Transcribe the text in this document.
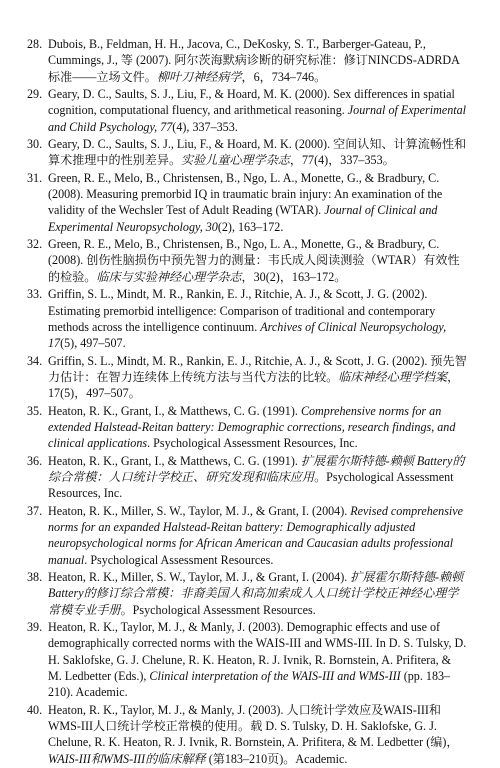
28. Dubois, B., Feldman, H. H., Jacova, C., DeKosky, S. T., Barberger-Gateau, P., Cummings, J., 等 (2007). 阿尔茨海默病诊断的研究标准：修订NINCDS-ADRDA标准——立场文件。柳叶刀神经病学，6，734–746。
29. Geary, D. C., Saults, S. J., Liu, F., & Hoard, M. K. (2000). Sex differences in spatial cognition, computational fluency, and arithmetical reasoning. Journal of Experimental and Child Psychology, 77(4), 337–353.
30. Geary, D. C., Saults, S. J., Liu, F., & Hoard, M. K. (2000). 空间认知、计算流畅性和算术推理中的性别差异。实验儿童心理学杂志，77(4)，337–353。
31. Green, R. E., Melo, B., Christensen, B., Ngo, L. A., Monette, G., & Bradbury, C. (2008). Measuring premorbid IQ in traumatic brain injury: An examination of the validity of the Wechsler Test of Adult Reading (WTAR). Journal of Clinical and Experimental Neuropsychology, 30(2), 163–172.
32. Green, R. E., Melo, B., Christensen, B., Ngo, L. A., Monette, G., & Bradbury, C. (2008). 创伤性脑损伤中预先智力的测量：韦氏成人阅读测验（WTAR）有效性的检验。临床与实验神经心理学杂志，30(2)，163–172。
33. Griffin, S. L., Mindt, M. R., Rankin, E. J., Ritchie, A. J., & Scott, J. G. (2002). Estimating premorbid intelligence: Comparison of traditional and contemporary methods across the intelligence continuum. Archives of Clinical Neuropsychology, 17(5), 497–507.
34. Griffin, S. L., Mindt, M. R., Rankin, E. J., Ritchie, A. J., & Scott, J. G. (2002). 预先智力估计：在智力连续体上传统方法与当代方法的比较。临床神经心理学档案，17(5)，497–507。
35. Heaton, R. K., Grant, I., & Matthews, C. G. (1991). Comprehensive norms for an extended Halstead-Reitan battery: Demographic corrections, research findings, and clinical applications. Psychological Assessment Resources, Inc.
36. Heaton, R. K., Grant, I., & Matthews, C. G. (1991). 扩展霍尔斯特德-赖顿 Battery的综合常模：人口统计学校正、研究发现和临床应用。Psychological Assessment Resources, Inc.
37. Heaton, R. K., Miller, S. W., Taylor, M. J., & Grant, I. (2004). Revised comprehensive norms for an expanded Halstead-Reitan battery: Demographically adjusted neuropsychological norms for African American and Caucasian adults professional manual. Psychological Assessment Resources.
38. Heaton, R. K., Miller, S. W., Taylor, M. J., & Grant, I. (2004). 扩展霍尔斯特德-赖顿 Battery的修订综合常模：非裔美国人和高加索成人人口统计学校正神经心理学常模专业手册。Psychological Assessment Resources.
39. Heaton, R. K., Taylor, M. J., & Manly, J. (2003). Demographic effects and use of demographically corrected norms with the WAIS-III and WMS-III. In D. S. Tulsky, D. H. Saklofske, G. J. Chelune, R. K. Heaton, R. J. Ivnik, R. Bornstein, A. Prifitera, & M. Ledbetter (Eds.), Clinical interpretation of the WAIS-III and WMS-III (pp. 183–210). Academic.
40. Heaton, R. K., Taylor, M. J., & Manly, J. (2003). 人口统计学效应及WAIS-III和WMS-III人口统计学校正常模的使用。载 D. S. Tulsky, D. H. Saklofske, G. J. Chelune, R. K. Heaton, R. J. Ivnik, R. Bornstein, A. Prifitera, & M. Ledbetter (编)，WAIS-III和WMS-III的临床解释 (第183–210页)。Academic.
